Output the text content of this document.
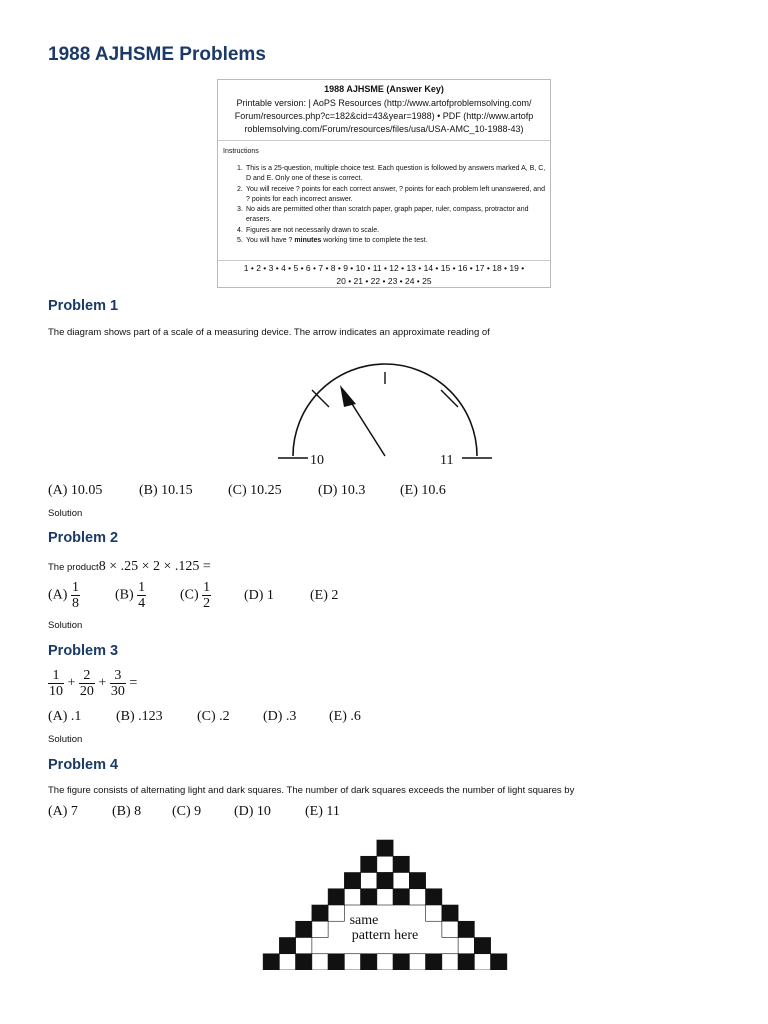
1988 AJHSME Problems
1988 AJHSME (Answer Key)
Printable version: | AoPS Resources (http://www.artofproblemsolving.com/
Forum/resources.php?c=182&cid=43&year=1988) • PDF (http://www.artofp
roblemsolving.com/Forum/resources/files/usa/USA-AMC_10-1988-43)
Instructions
1. This is a 25-question, multiple choice test. Each question is followed by answers marked A, B, C, D and E. Only one of these is correct.
2. You will receive ? points for each correct answer, ? points for each problem left unanswered, and ? points for each incorrect answer.
3. No aids are permitted other than scratch paper, graph paper, ruler, compass, protractor and erasers.
4. Figures are not necessarily drawn to scale.
5. You will have ? minutes working time to complete the test.
1 • 2 • 3 • 4 • 5 • 6 • 7 • 8 • 9 • 10 • 11 • 12 • 13 • 14 • 15 • 16 • 17 • 18 • 19 •
20 • 21 • 22 • 23 • 24 • 25
Problem 1
The diagram shows part of a scale of a measuring device. The arrow indicates an approximate reading of
10	11
(A) 10.05	(B) 10.15	(C) 10.25	(D) 10.3 (E) 10.6
Solution
Problem 2
The product8 × .25 × 2 × .125 =
$(A) \frac{1}{8}$	$(B) \frac{1}{4} (C) \frac{1}{2} (D)$ 1	(E) 2
Solution
Problem 3
$\frac{1}{10} + \frac{2}{20} + \frac{3}{30}$ =
(A) .1 (B) .123 (C) .2 (D) .3 (E) .6
Solution
Problem 4
The figure consists of alternating light and dark squares. The number of dark squares exceeds the number of light squares by
(A) 7 (B) 8 (C) 9 (D) 10 (E) 11
same
pattern here
